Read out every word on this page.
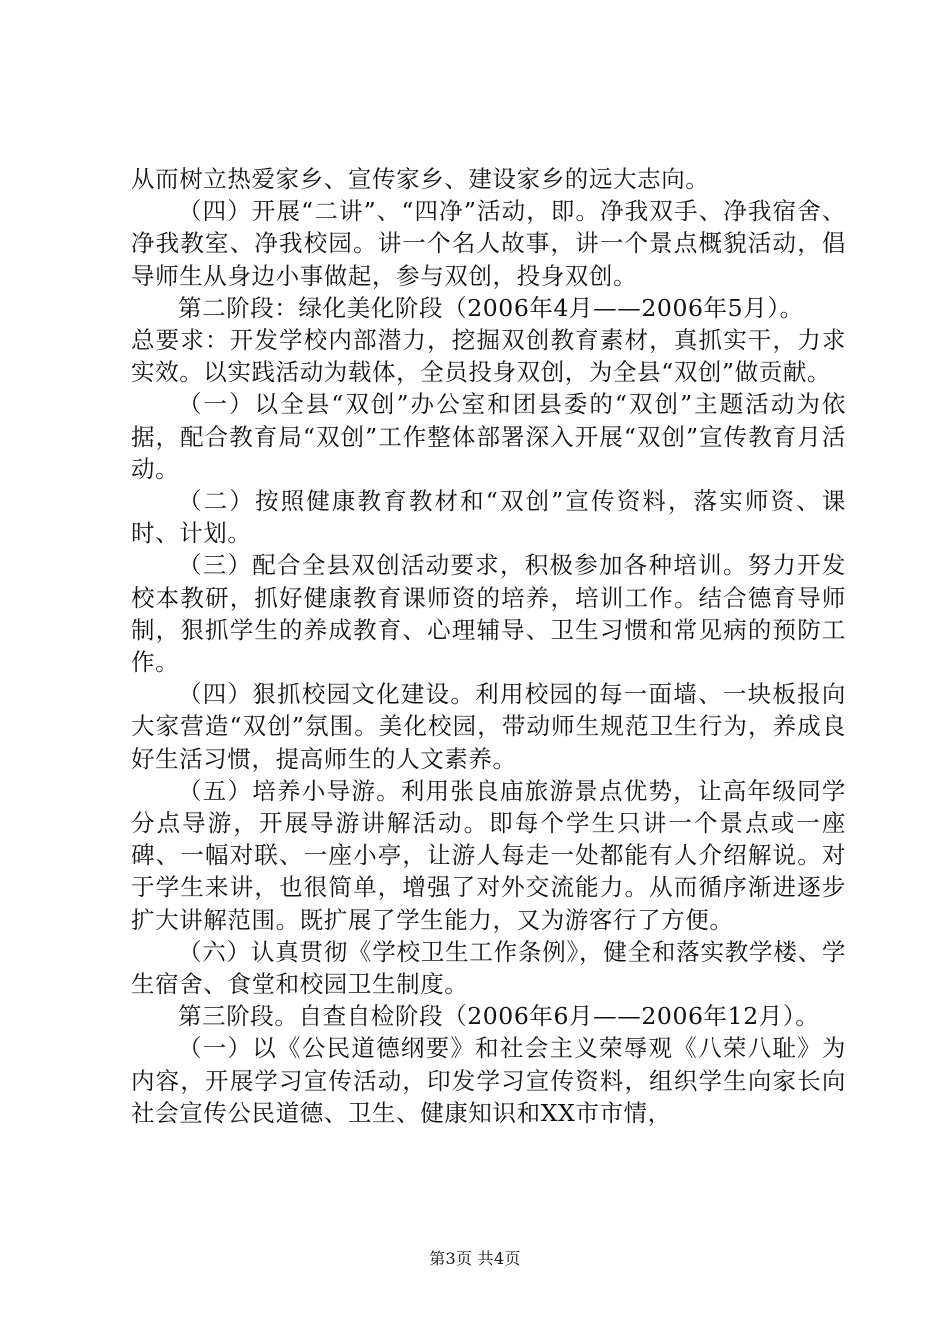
从而树立热爱家乡、宣传家乡、建设家乡的远大志向。

（四）开展“二讲”、“四净”活动，即。净我双手、净我宿舍、净我教室、净我校园。讲一个名人故事，讲一个景点概貌活动，倡导师生从身边小事做起，参与双创，投身双创。

第二阶段：绿化美化阶段（2006年4月——2006年5月）。

总要求：开发学校内部潜力，挖掘双创教育素材，真抓实干，力求实效。以实践活动为载体，全员投身双创，为全县“双创”做贡献。

（一）以全县“双创”办公室和团县委的“双创”主题活动为依据，配合教育局“双创”工作整体部署深入开展“双创”宣传教育月活动。

（二）按照健康教育教材和“双创”宣传资料，落实师资、课时、计划。

（三）配合全县双创活动要求，积极参加各种培训。努力开发校本教研，抓好健康教育课师资的培养，培训工作。结合德育导师制，狠抓学生的养成教育、心理辅导、卫生习惯和常见病的预防工作。

（四）狠抓校园文化建设。利用校园的每一面墙、一块板报向大家营造“双创”氛围。美化校园，带动师生规范卫生行为，养成良好生活习惯，提高师生的人文素养。

（五）培养小导游。利用张良庙旅游景点优势，让高年级同学分点导游，开展导游讲解活动。即每个学生只讲一个景点或一座碑、一幅对联、一座小亭，让游人每走一处都能有人介绍解说。对于学生来讲，也很简单，增强了对外交流能力。从而循序渐进逐步扩大讲解范围。既扩展了学生能力，又为游客行了方便。

（六）认真贯彻《学校卫生工作条例》，健全和落实教学楼、学生宿舍、食堂和校园卫生制度。

第三阶段。自查自检阶段（2006年6月——2006年12月）。

（一）以《公民道德纲要》和社会主义荣辱观《八荣八耻》为内容，开展学习宣传活动，印发学习宣传资料，组织学生向家长向社会宣传公民道德、卫生、健康知识和XX市市情，

第3页 共4页
